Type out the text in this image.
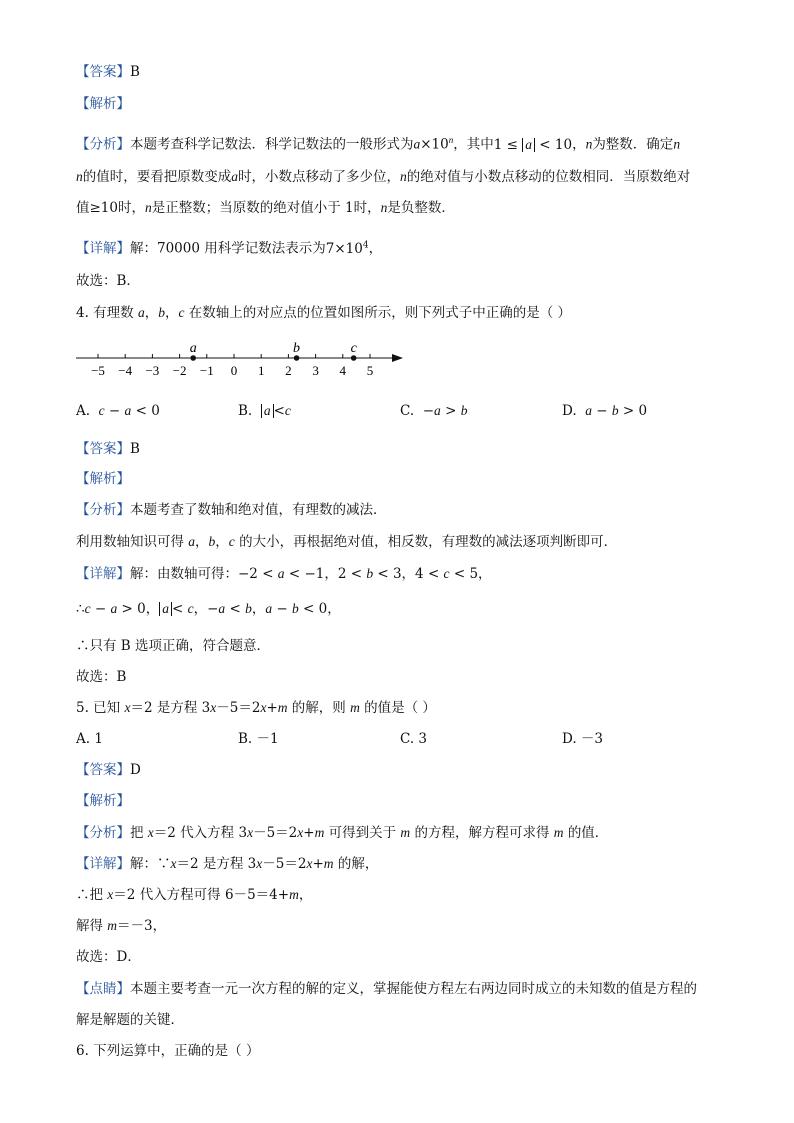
【答案】B
【解析】
【分析】本题考查科学记数法．科学记数法的一般形式为$a\times 10^n$，其中1 ≤ a < 10，n为整数．确定n
n的值时，要看把原数变成a时，小数点移动了多少位，n的绝对值与小数点移动的位数相同．当原数绝对
值≥10时，n是正整数；当原数的绝对值小于 1时，n是负整数．
【详解】解：70000 用科学记数法表示为$7\times 10^4$，
故选：B．
4. 有理数 a，b，c 在数轴上的对应点的位置如图所示，则下列式子中正确的是（ ）
−5 −4 −3 −2 −1 0 1 2 3 4 5
a	b	c
A. c − a < 0	B. a <c	C.  −a > b	D. a − b > 0
【答案】B
【解析】
【分析】本题考查了数轴和绝对值，有理数的减法．
利用数轴知识可得 a，b，c 的大小，再根据绝对值，相反数，有理数的减法逐项判断即可．
【详解】解：由数轴可得：−2 < a < −1，2 < b < 3，4 < c < 5，
∴c − a > 0， a < c，−a < b，a − b < 0，
∴只有 B 选项正确，符合题意．
故选：B
5. 已知 x＝2 是方程 3x－5＝2x+m 的解，则 m 的值是（ ）
A. 1	B. －1	C. 3	D. －3
【答案】D
【解析】
【分析】把 x＝2 代入方程 3x－5＝2x+m 可得到关于 m 的方程，解方程可求得 m 的值．
【详解】解：∵x＝2 是方程 3x－5＝2x+m 的解，
∴把 x＝2 代入方程可得 6－5＝4+m，
解得 m＝－3，
故选：D．
【点睛】本题主要考查一元一次方程的解的定义，掌握能使方程左右两边同时成立的未知数的值是方程的
解是解题的关键．
6. 下列运算中，正确的是（ ）
